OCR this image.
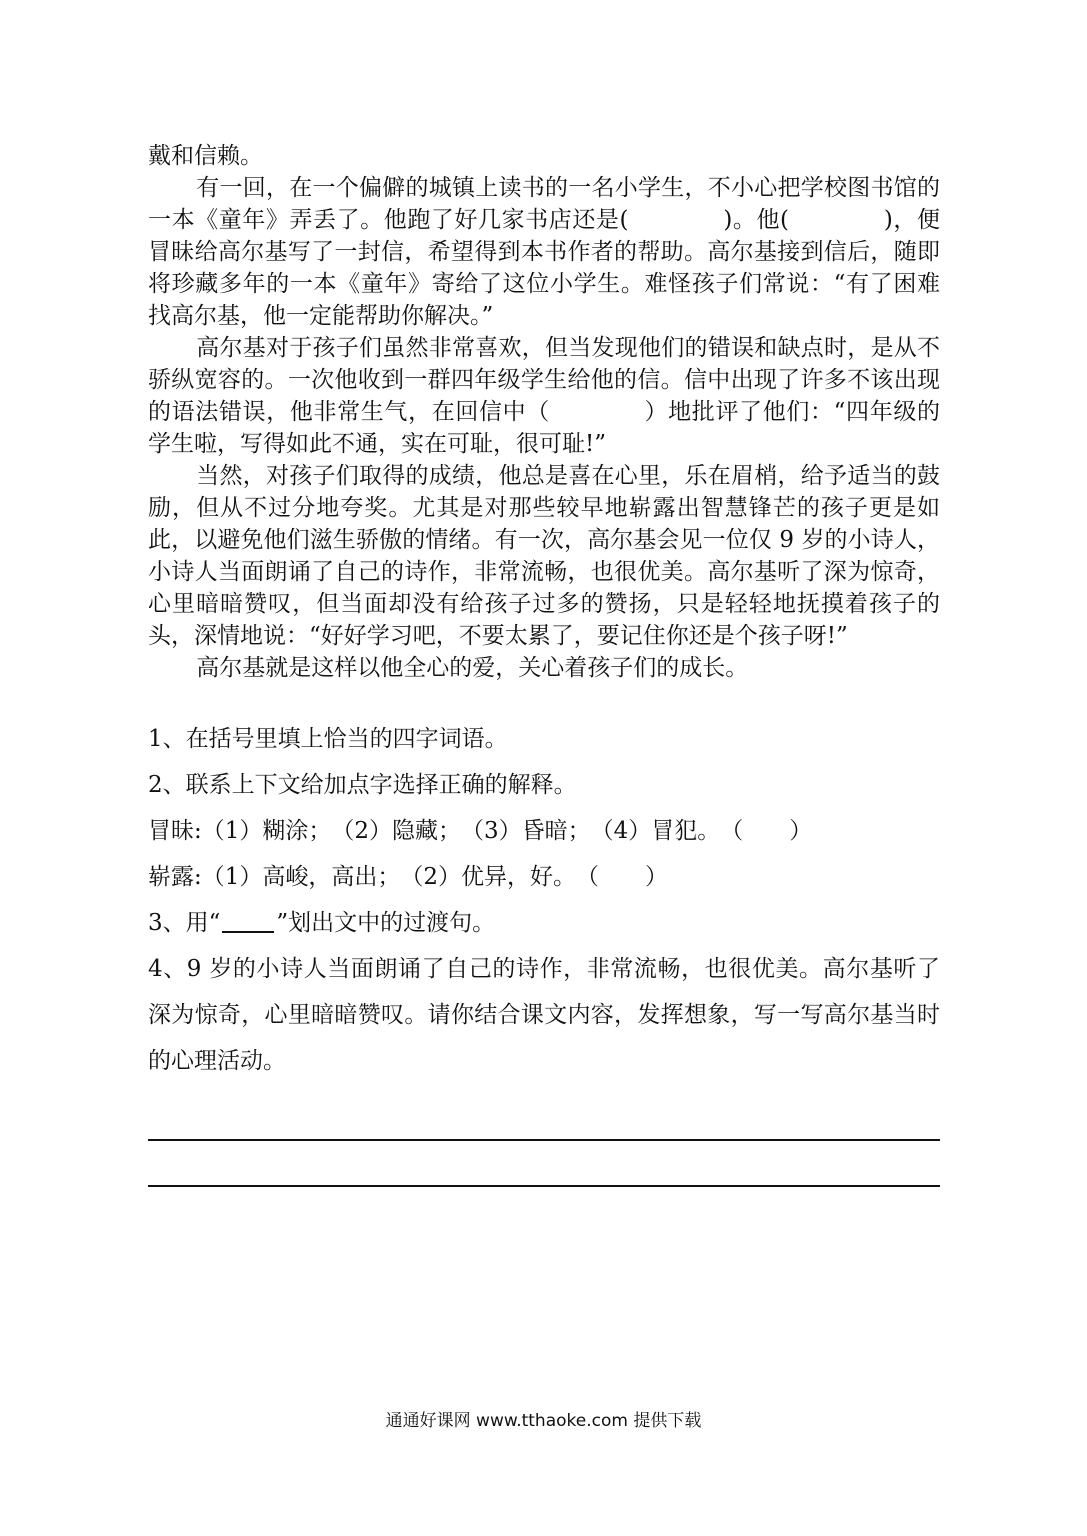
戴和信赖。

有一回，在一个偏僻的城镇上读书的一名小学生，不小心把学校图书馆的一本《童年》弄丢了。他跑了好几家书店还是(　　　　)。他(　　　　)，便冒昧给高尔基写了一封信，希望得到本书作者的帮助。高尔基接到信后，随即将珍藏多年的一本《童年》寄给了这位小学生。难怪孩子们常说：“有了困难找高尔基，他一定能帮助你解决。”

高尔基对于孩子们虽然非常喜欢，但当发现他们的错误和缺点时，是从不骄纵宽容的。一次他收到一群四年级学生给他的信。信中出现了许多不该出现的语法错误，他非常生气，在回信中（　　　　）地批评了他们：“四年级的学生啦，写得如此不通，实在可耻，很可耻!”

当然，对孩子们取得的成绩，他总是喜在心里，乐在眉梢，给予适当的鼓励，但从不过分地夸奖。尤其是对那些较早地崭露出智慧锋芒的孩子更是如此，以避免他们滋生骄傲的情绪。有一次，高尔基会见一位仅 9 岁的小诗人，小诗人当面朗诵了自己的诗作，非常流畅，也很优美。高尔基听了深为惊奇，心里暗暗赞叹，但当面却没有给孩子过多的赞扬，只是轻轻地抚摸着孩子的头，深情地说：“好好学习吧，不要太累了，要记住你还是个孩子呀!”

高尔基就是这样以他全心的爱，关心着孩子们的成长。

1、在括号里填上恰当的四字词语。

2、联系上下文给加点字选择正确的解释。

冒昧:（1）糊涂；　（2）隐藏；　（3）昏暗；　（4）冒犯。　（　　）

崭露:（1）高峻，高出；　（2）优异，好。　（　　）

3、用“ ”划出文中的过渡句。

4、9 岁的小诗人当面朗诵了自己的诗作，非常流畅，也很优美。高尔基听了深为惊奇，心里暗暗赞叹。请你结合课文内容，发挥想象，写一写高尔基当时的心理活动。

通通好课网 www.tthaoke.com 提供下载
